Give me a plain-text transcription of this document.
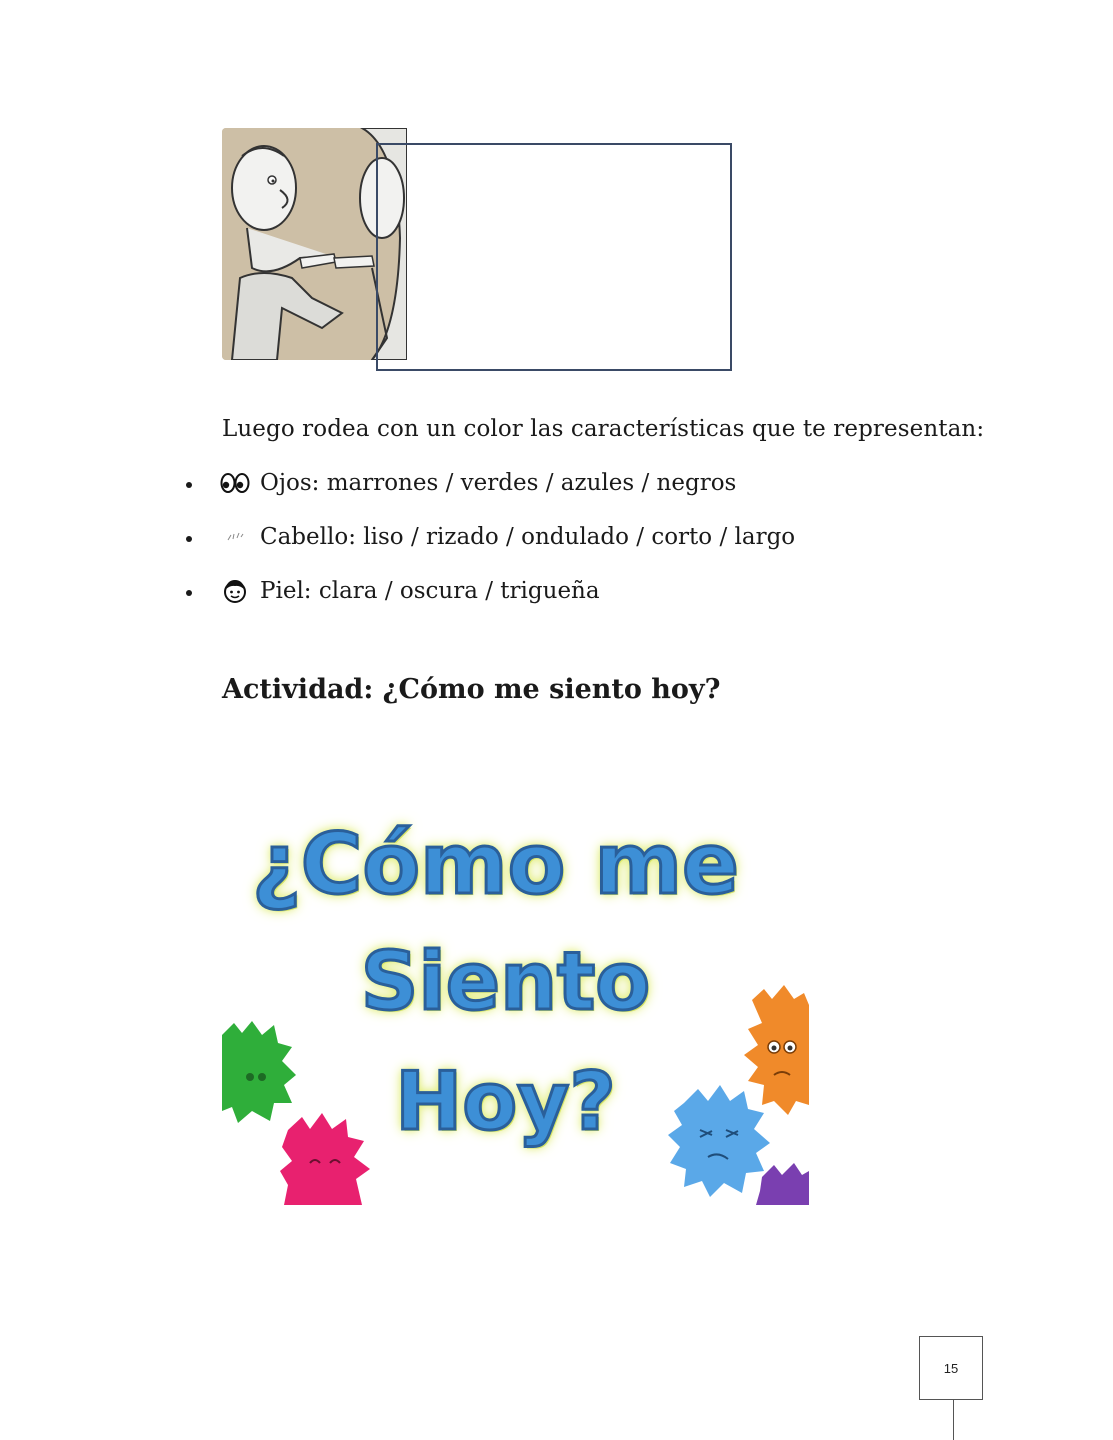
Luego rodea con un color las características que te representan:
Ojos: marrones / verdes / azules / negros
Cabello: liso / rizado / ondulado / corto / largo
Piel: clara / oscura / trigueña
Actividad: ¿Cómo me siento hoy?
¿Cómo me
Siento
Hoy?
15
